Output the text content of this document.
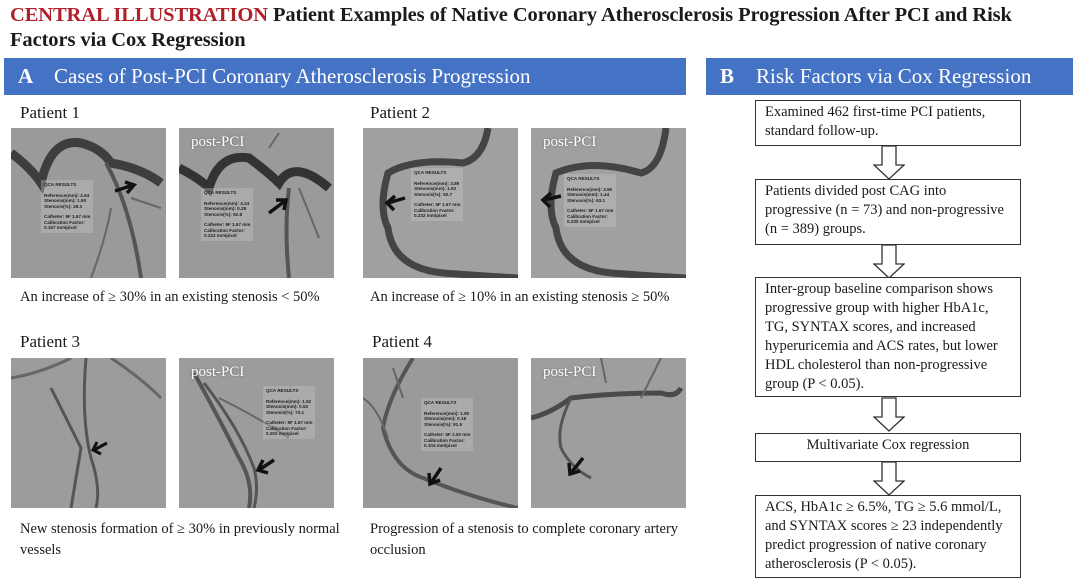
CENTRAL ILLUSTRATION Patient Examples of Native Coronary Atherosclerosis Progression After PCI and Risk Factors via Cox Regression
A Cases of Post-PCI Coronary Atherosclerosis Progression	B	Risk Factors via Cox Regression
Patient 1
QCA RESULTS

Reference(mm): 2.64
Stenosis(mm): 1.90
Stenosis(%): 28.3

Catheter: 5F 1.67 mm
Calibration Factor:
0.167 mm/pixel
post-PCI
QCA RESULTS

Reference(mm): 3.24
Stenosis(mm): 0.28
Stenosis(%): 92.8

Catheter: 5F 1.67 mm
Calibration Factor:
0.222 mm/pixel
An increase of ≥ 30% in an existing stenosis < 50%
Patient 2
QCA RESULTS

Reference(mm): 3.89
Stenosis(mm): 1.92
Stenosis(%): 50.7

Catheter: 5F 1.67 mm
Calibration Factor:
0.232 mm/pixel
post-PCI
QCA RESULTS

Reference(mm): 3.90
Stenosis(mm): 1.44
Stenosis(%): 63.1

Catheter: 5F 1.67 mm
Calibration Factor:
0.230 mm/pixel
An increase of ≥ 10% in an existing stenosis ≥ 50%
Patient 3
post-PCI
QCA RESULTS

Reference(mm): 1.92
Stenosis(mm): 0.52
Stenosis(%): 73.1

Catheter: 5F 1.67 mm
Calibration Factor:
0.202 mm/pixel
New stenosis formation of ≥ 30% in previously normal vessels
Patient 4
QCA RESULTS

Reference(mm): 1.90
Stenosis(mm): 0.18
Stenosis(%): 91.5

Catheter: 6F 2.00 mm
Calibration Factor:
0.104 mm/pixel
post-PCI
Progression of a stenosis to complete coronary artery occlusion
Examined 462 first-time PCI patients, standard follow-up.
Patients divided post CAG into progressive (n = 73) and non-progressive (n = 389) groups.
Inter-group baseline comparison shows progressive group with higher HbA1c, TG, SYNTAX scores, and increased hyperuricemia and ACS rates, but lower HDL cholesterol than non-progressive group (P < 0.05).
Multivariate Cox regression
ACS, HbA1c ≥ 6.5%, TG ≥ 5.6 mmol/L, and SYNTAX scores ≥ 23 independently predict progression of native coronary atherosclerosis (P < 0.05).
